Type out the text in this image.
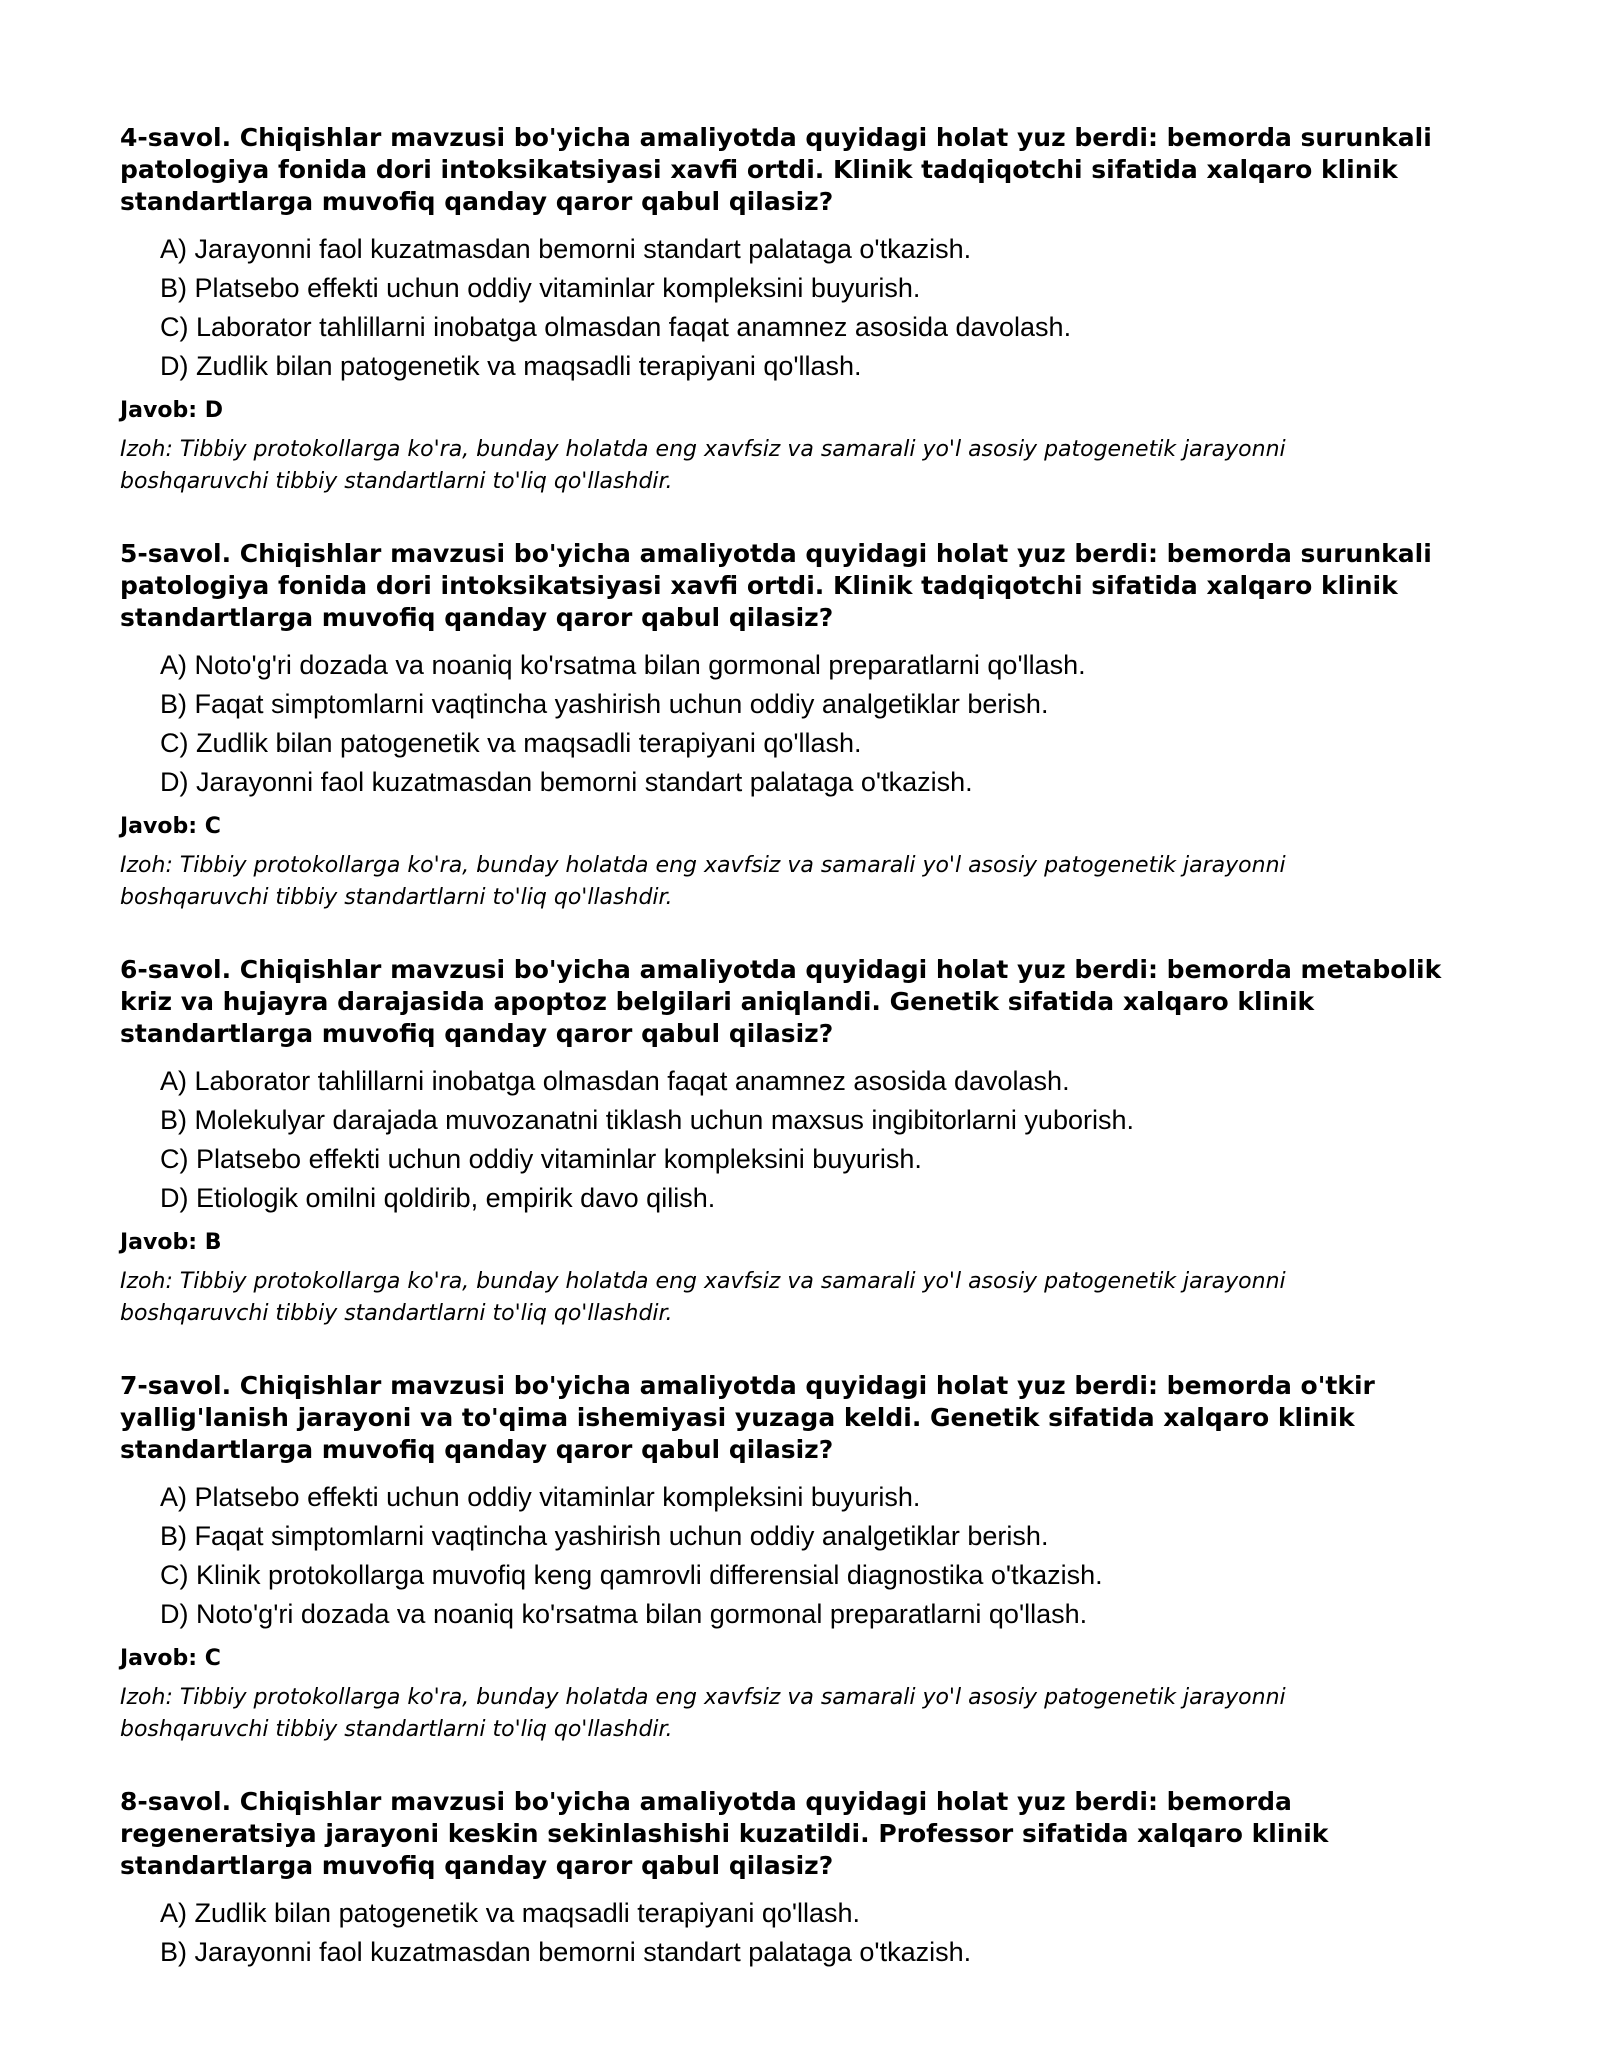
4-savol. Chiqishlar mavzusi bo'yicha amaliyotda quyidagi holat yuz berdi: bemorda surunkali patologiya fonida dori intoksikatsiyasi xavfi ortdi. Klinik tadqiqotchi sifatida xalqaro klinik standartlarga muvofiq qanday qaror qabul qilasiz?

A) Jarayonni faol kuzatmasdan bemorni standart palataga o'tkazish.
B) Platsebo effekti uchun oddiy vitaminlar kompleksini buyurish.
C) Laborator tahlillarni inobatga olmasdan faqat anamnez asosida davolash.
D) Zudlik bilan patogenetik va maqsadli terapiyani qo'llash.

Javob: D

Izoh: Tibbiy protokollarga ko'ra, bunday holatda eng xavfsiz va samarali yo'l asosiy patogenetik jarayonni boshqaruvchi tibbiy standartlarni to'liq qo'llashdir.

5-savol. Chiqishlar mavzusi bo'yicha amaliyotda quyidagi holat yuz berdi: bemorda surunkali patologiya fonida dori intoksikatsiyasi xavfi ortdi. Klinik tadqiqotchi sifatida xalqaro klinik standartlarga muvofiq qanday qaror qabul qilasiz?

A) Noto'g'ri dozada va noaniq ko'rsatma bilan gormonal preparatlarni qo'llash.
B) Faqat simptomlarni vaqtincha yashirish uchun oddiy analgetiklar berish.
C) Zudlik bilan patogenetik va maqsadli terapiyani qo'llash.
D) Jarayonni faol kuzatmasdan bemorni standart palataga o'tkazish.

Javob: C

Izoh: Tibbiy protokollarga ko'ra, bunday holatda eng xavfsiz va samarali yo'l asosiy patogenetik jarayonni boshqaruvchi tibbiy standartlarni to'liq qo'llashdir.

6-savol. Chiqishlar mavzusi bo'yicha amaliyotda quyidagi holat yuz berdi: bemorda metabolik kriz va hujayra darajasida apoptoz belgilari aniqlandi. Genetik sifatida xalqaro klinik standartlarga muvofiq qanday qaror qabul qilasiz?

A) Laborator tahlillarni inobatga olmasdan faqat anamnez asosida davolash.
B) Molekulyar darajada muvozanatni tiklash uchun maxsus ingibitorlarni yuborish.
C) Platsebo effekti uchun oddiy vitaminlar kompleksini buyurish.
D) Etiologik omilni qoldirib, empirik davo qilish.

Javob: B

Izoh: Tibbiy protokollarga ko'ra, bunday holatda eng xavfsiz va samarali yo'l asosiy patogenetik jarayonni boshqaruvchi tibbiy standartlarni to'liq qo'llashdir.

7-savol. Chiqishlar mavzusi bo'yicha amaliyotda quyidagi holat yuz berdi: bemorda o'tkir yallig'lanish jarayoni va to'qima ishemiyasi yuzaga keldi. Genetik sifatida xalqaro klinik standartlarga muvofiq qanday qaror qabul qilasiz?

A) Platsebo effekti uchun oddiy vitaminlar kompleksini buyurish.
B) Faqat simptomlarni vaqtincha yashirish uchun oddiy analgetiklar berish.
C) Klinik protokollarga muvofiq keng qamrovli differensial diagnostika o'tkazish.
D) Noto'g'ri dozada va noaniq ko'rsatma bilan gormonal preparatlarni qo'llash.

Javob: C

Izoh: Tibbiy protokollarga ko'ra, bunday holatda eng xavfsiz va samarali yo'l asosiy patogenetik jarayonni boshqaruvchi tibbiy standartlarni to'liq qo'llashdir.

8-savol. Chiqishlar mavzusi bo'yicha amaliyotda quyidagi holat yuz berdi: bemorda regeneratsiya jarayoni keskin sekinlashishi kuzatildi. Professor sifatida xalqaro klinik standartlarga muvofiq qanday qaror qabul qilasiz?

A) Zudlik bilan patogenetik va maqsadli terapiyani qo'llash.
B) Jarayonni faol kuzatmasdan bemorni standart palataga o'tkazish.
